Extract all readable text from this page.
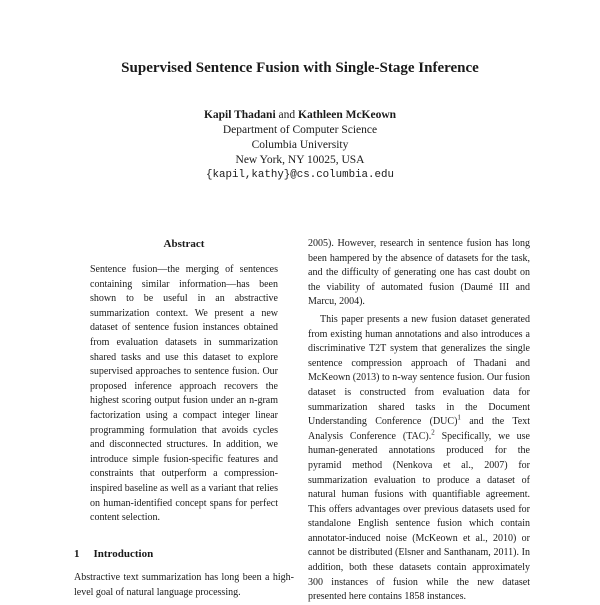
Supervised Sentence Fusion with Single-Stage Inference
Kapil Thadani and Kathleen McKeown
Department of Computer Science
Columbia University
New York, NY 10025, USA
{kapil,kathy}@cs.columbia.edu
Abstract

Sentence fusion—the merging of sentences containing similar information—has been shown to be useful in an abstractive summarization context. We present a new dataset of sentence fusion instances obtained from evaluation datasets in summarization shared tasks and use this dataset to explore supervised approaches to sentence fusion. Our proposed inference approach recovers the highest scoring output fusion under an n-gram factorization using a compact integer linear programming formulation that avoids cycles and disconnected structures. In addition, we introduce simple fusion-specific features and constraints that outperform a compression-inspired baseline as well as a variant that relies on human-identified concept spans for perfect content selection.

1 Introduction

Abstractive text summarization has long been a high-level goal of natural language processing.

2005). However, research in sentence fusion has long been hampered by the absence of datasets for the task, and the difficulty of generating one has cast doubt on the viability of automated fusion (Daumé III and Marcu, 2004).

This paper presents a new fusion dataset generated from existing human annotations and also introduces a discriminative T2T system that generalizes the single sentence compression approach of Thadani and McKeown (2013) to n-way sentence fusion. Our fusion dataset is constructed from evaluation data for summarization shared tasks in the Document Understanding Conference (DUC)$^1$ and the Text Analysis Conference (TAC).$^2$ Specifically, we use human-generated annotations produced for the pyramid method (Nenkova et al., 2007) for summarization evaluation to produce a dataset of natural human fusions with quantifiable agreement. This offers advantages over previous datasets used for standalone English sentence fusion which contain annotator-induced noise (McKeown et al., 2010) or cannot be distributed (Elsner and Santhanam, 2011). In addition, both these datasets contain approximately 300 instances of fusion while the new dataset presented here contains 1858 instances.
